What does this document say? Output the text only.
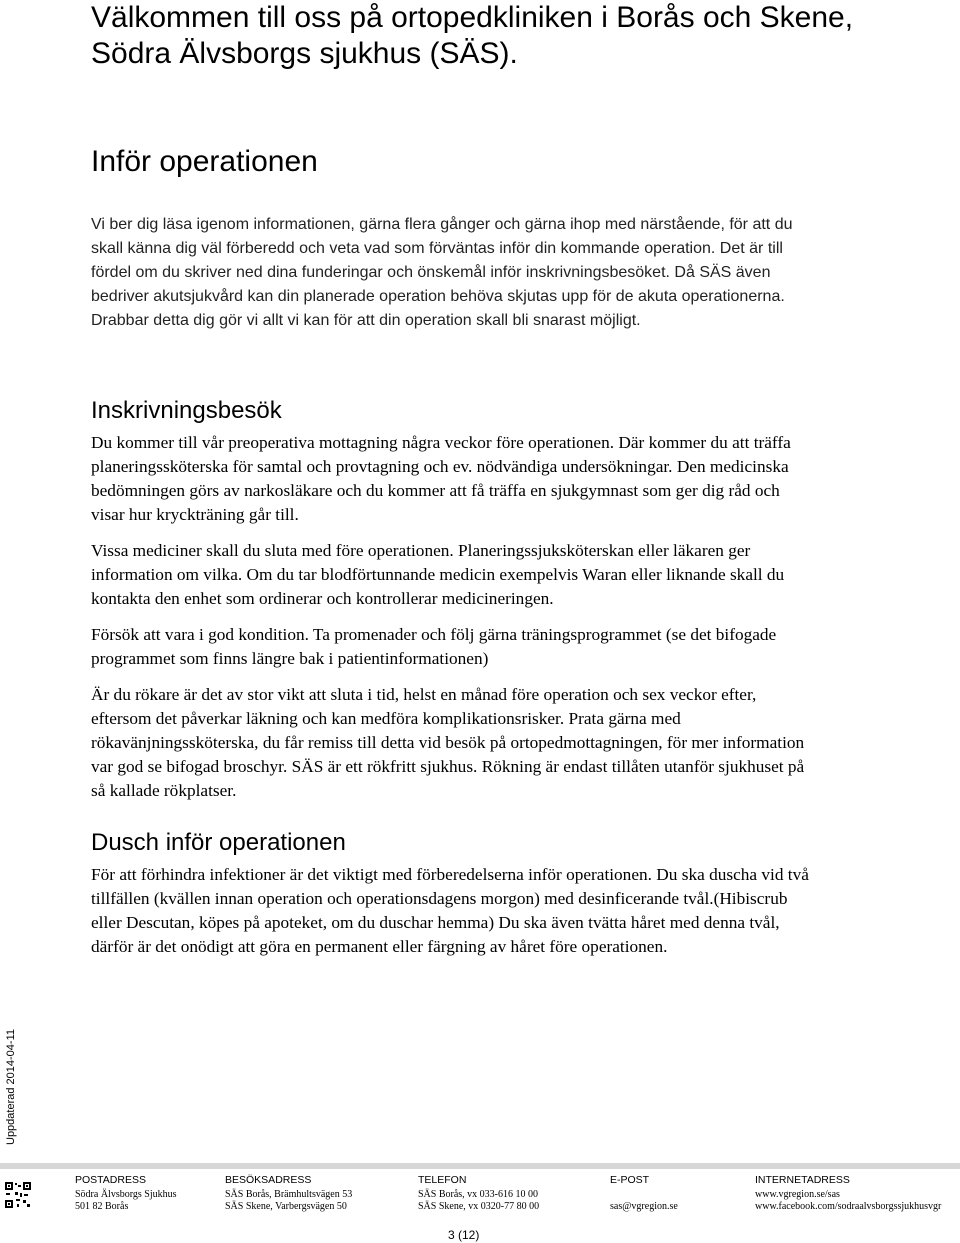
Välkommen till oss på ortopedkliniken i Borås och Skene,
Södra Älvsborgs sjukhus (SÄS).
Inför operationen

Vi ber dig läsa igenom informationen, gärna flera gånger och gärna ihop med närstående, för att du
skall känna dig väl förberedd och veta vad som förväntas inför din kommande operation. Det är till
fördel om du skriver ned dina funderingar och önskemål inför inskrivningsbesöket. Då SÄS även
bedriver akutsjukvård kan din planerade operation behöva skjutas upp för de akuta operationerna.
Drabbar detta dig gör vi allt vi kan för att din operation skall bli snarast möjligt.

Inskrivningsbesök

Du kommer till vår preoperativa mottagning några veckor före operationen. Där kommer du att träffa
planeringssköterska för samtal och provtagning och ev. nödvändiga undersökningar. Den medicinska
bedömningen görs av narkosläkare och du kommer att få träffa en sjukgymnast som ger dig råd och
visar hur kryckträning går till.

Vissa mediciner skall du sluta med före operationen. Planeringssjuksköterskan eller läkaren ger
information om vilka. Om du tar blodförtunnande medicin exempelvis Waran eller liknande skall du
kontakta den enhet som ordinerar och kontrollerar medicineringen.

Försök att vara i god kondition. Ta promenader och följ gärna träningsprogrammet (se det bifogade
programmet som finns längre bak i patientinformationen)

Är du rökare är det av stor vikt att sluta i tid, helst en månad före operation och sex veckor efter,
eftersom det påverkar läkning och kan medföra komplikationsrisker. Prata gärna med
rökavänjningssköterska, du får remiss till detta vid besök på ortopedmottagningen, för mer information
var god se bifogad broschyr. SÄS är ett rökfritt sjukhus. Rökning är endast tillåten utanför sjukhuset på
så kallade rökplatser.

Dusch inför operationen

För att förhindra infektioner är det viktigt med förberedelserna inför operationen. Du ska duscha vid två
tillfällen (kvällen innan operation och operationsdagens morgon) med desinficerande tvål.(Hibiscrub
eller Descutan, köpes på apoteket, om du duschar hemma) Du ska även tvätta håret med denna tvål,
därför är det onödigt att göra en permanent eller färgning av håret före operationen.

Uppdaterad 2014-04-11
POSTADRESS
Södra Älvsborgs Sjukhus
501 82 Borås
BESÖKSADRESS
SÄS Borås, Brämhultsvägen 53
SÄS Skene, Varbergsvägen 50
TELEFON
SÄS Borås, vx 033-616 10 00
SÄS Skene, vx 0320-77 80 00
E-POST

sas@vgregion.se
INTERNETADRESS
www.vgregion.se/sas
www.facebook.com/sodraalvsborgssjukhusvgr
3 (12)
